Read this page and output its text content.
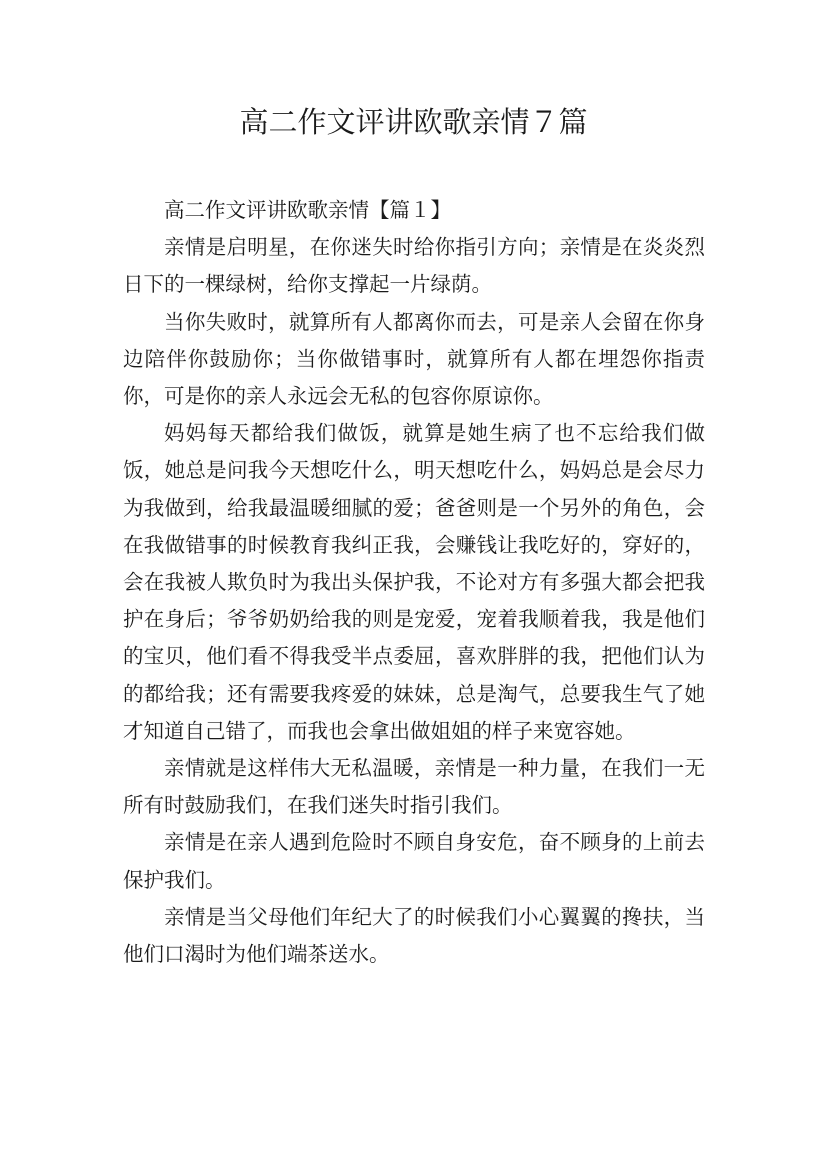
高二作文评讲欧歌亲情７篇

高二作文评讲欧歌亲情【篇１】

亲情是启明星，在你迷失时给你指引方向；亲情是在炎炎烈日下的一棵绿树，给你支撑起一片绿荫。

当你失败时，就算所有人都离你而去，可是亲人会留在你身边陪伴你鼓励你；当你做错事时，就算所有人都在埋怨你指责你，可是你的亲人永远会无私的包容你原谅你。

妈妈每天都给我们做饭，就算是她生病了也不忘给我们做饭，她总是问我今天想吃什么，明天想吃什么，妈妈总是会尽力为我做到，给我最温暖细腻的爱；爸爸则是一个另外的角色，会在我做错事的时候教育我纠正我，会赚钱让我吃好的，穿好的，会在我被人欺负时为我出头保护我，不论对方有多强大都会把我护在身后；爷爷奶奶给我的则是宠爱，宠着我顺着我，我是他们的宝贝，他们看不得我受半点委屈，喜欢胖胖的我，把他们认为的都给我；还有需要我疼爱的妹妹，总是淘气，总要我生气了她才知道自己错了，而我也会拿出做姐姐的样子来宽容她。

亲情就是这样伟大无私温暖，亲情是一种力量，在我们一无所有时鼓励我们，在我们迷失时指引我们。

亲情是在亲人遇到危险时不顾自身安危，奋不顾身的上前去保护我们。

亲情是当父母他们年纪大了的时候我们小心翼翼的搀扶，当他们口渴时为他们端茶送水。
